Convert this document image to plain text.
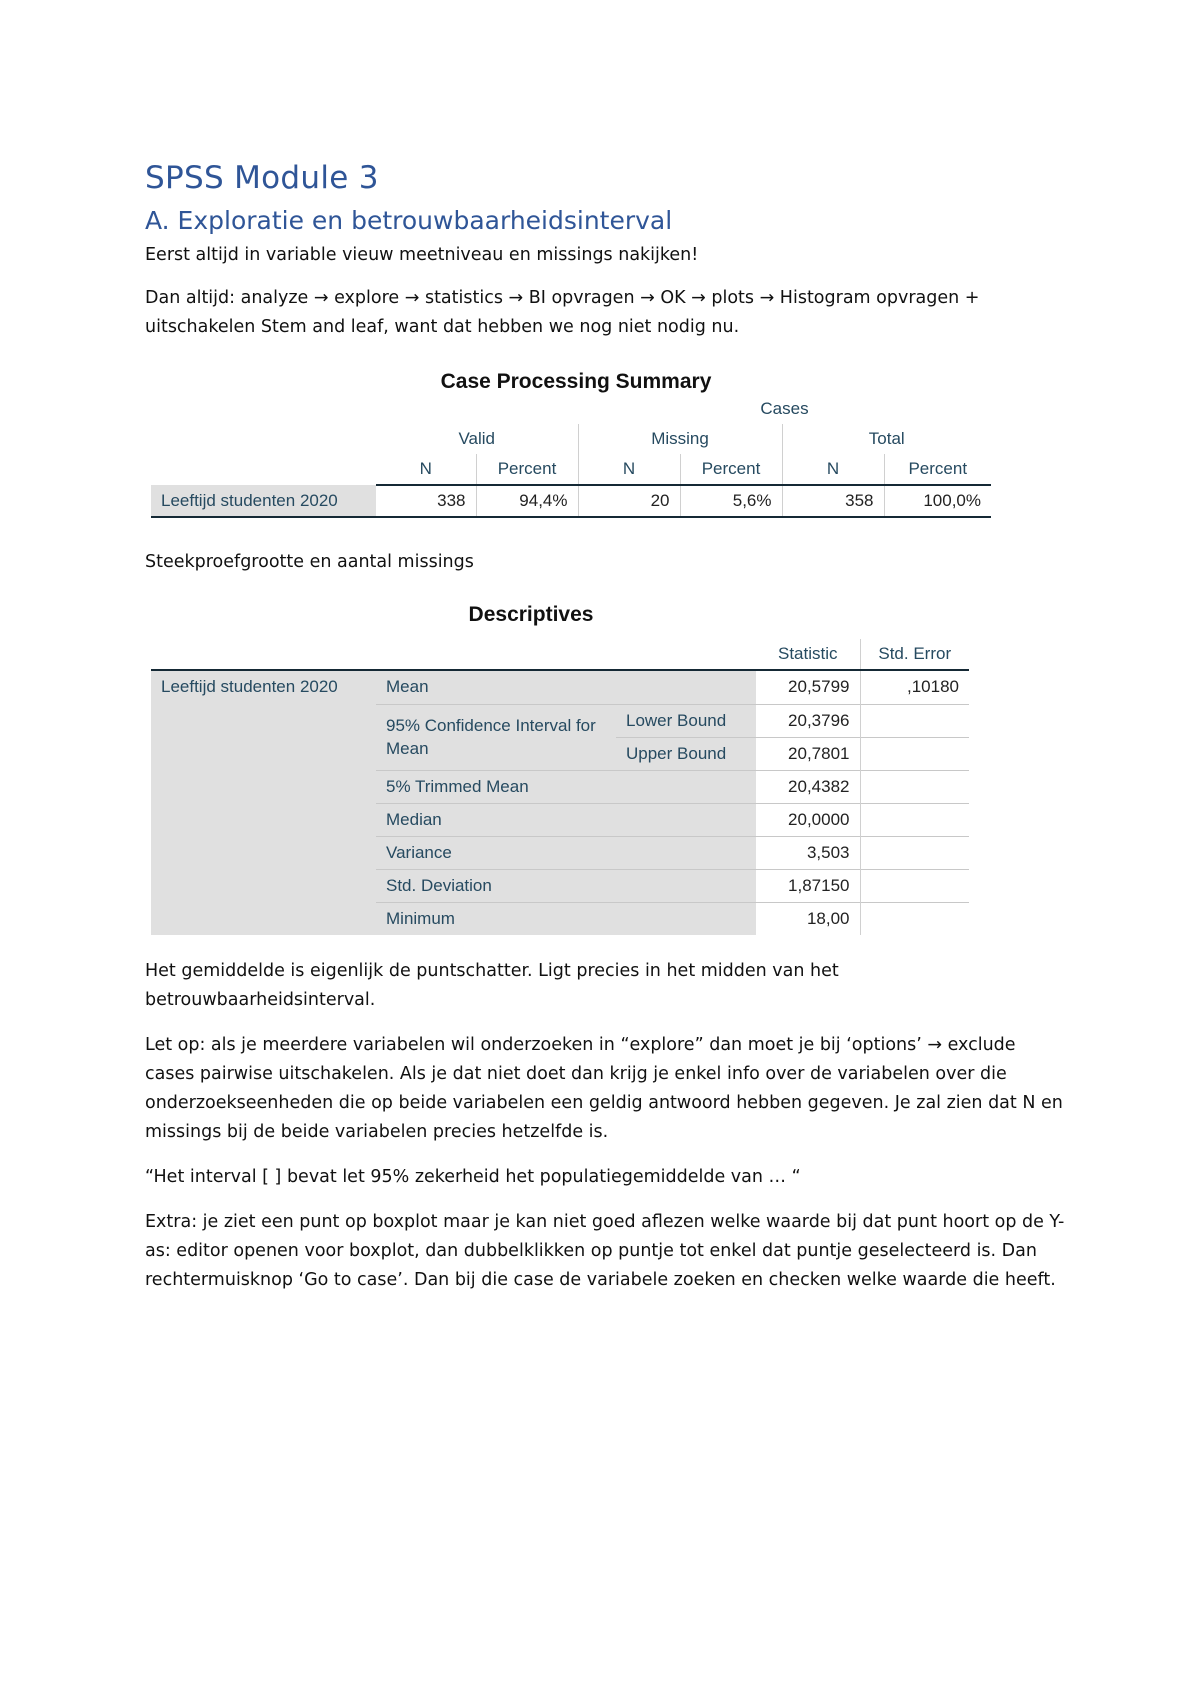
SPSS Module 3
A. Exploratie en betrouwbaarheidsinterval

Eerst altijd in variable vieuw meetniveau en missings nakijken!

Dan altijd: analyze → explore → statistics → BI opvragen → OK → plots → Histogram opvragen + uitschakelen Stem and leaf, want dat hebben we nog niet nodig nu.

Case Processing Summary
			Cases			
	Valid		Missing		Total	
	N	Percent	N	Percent	N	Percent
Leeftijd studenten 2020	338	94,4%	20	5,6%	358	100,0%

Steekproefgrootte en aantal missings

Descriptives
			Statistic	Std. Error
Leeftijd studenten 2020	Mean		20,5799	,10180
	95% Confidence Interval for Mean	Lower Bound	20,3796	
		Upper Bound	20,7801	
	5% Trimmed Mean		20,4382	
	Median		20,0000	
	Variance		3,503	
	Std. Deviation		1,87150	
	Minimum		18,00	

Het gemiddelde is eigenlijk de puntschatter. Ligt precies in het midden van het betrouwbaarheidsinterval.

Let op: als je meerdere variabelen wil onderzoeken in “explore” dan moet je bij ‘options’ → exclude cases pairwise uitschakelen. Als je dat niet doet dan krijg je enkel info over de variabelen over die onderzoekseenheden die op beide variabelen een geldig antwoord hebben gegeven. Je zal zien dat N en missings bij de beide variabelen precies hetzelfde is.

“Het interval [ ] bevat let 95% zekerheid het populatiegemiddelde van … “

Extra: je ziet een punt op boxplot maar je kan niet goed aflezen welke waarde bij dat punt hoort op de Y-as: editor openen voor boxplot, dan dubbelklikken op puntje tot enkel dat puntje geselecteerd is. Dan rechtermuisknop ‘Go to case’. Dan bij die case de variabele zoeken en checken welke waarde die heeft.
